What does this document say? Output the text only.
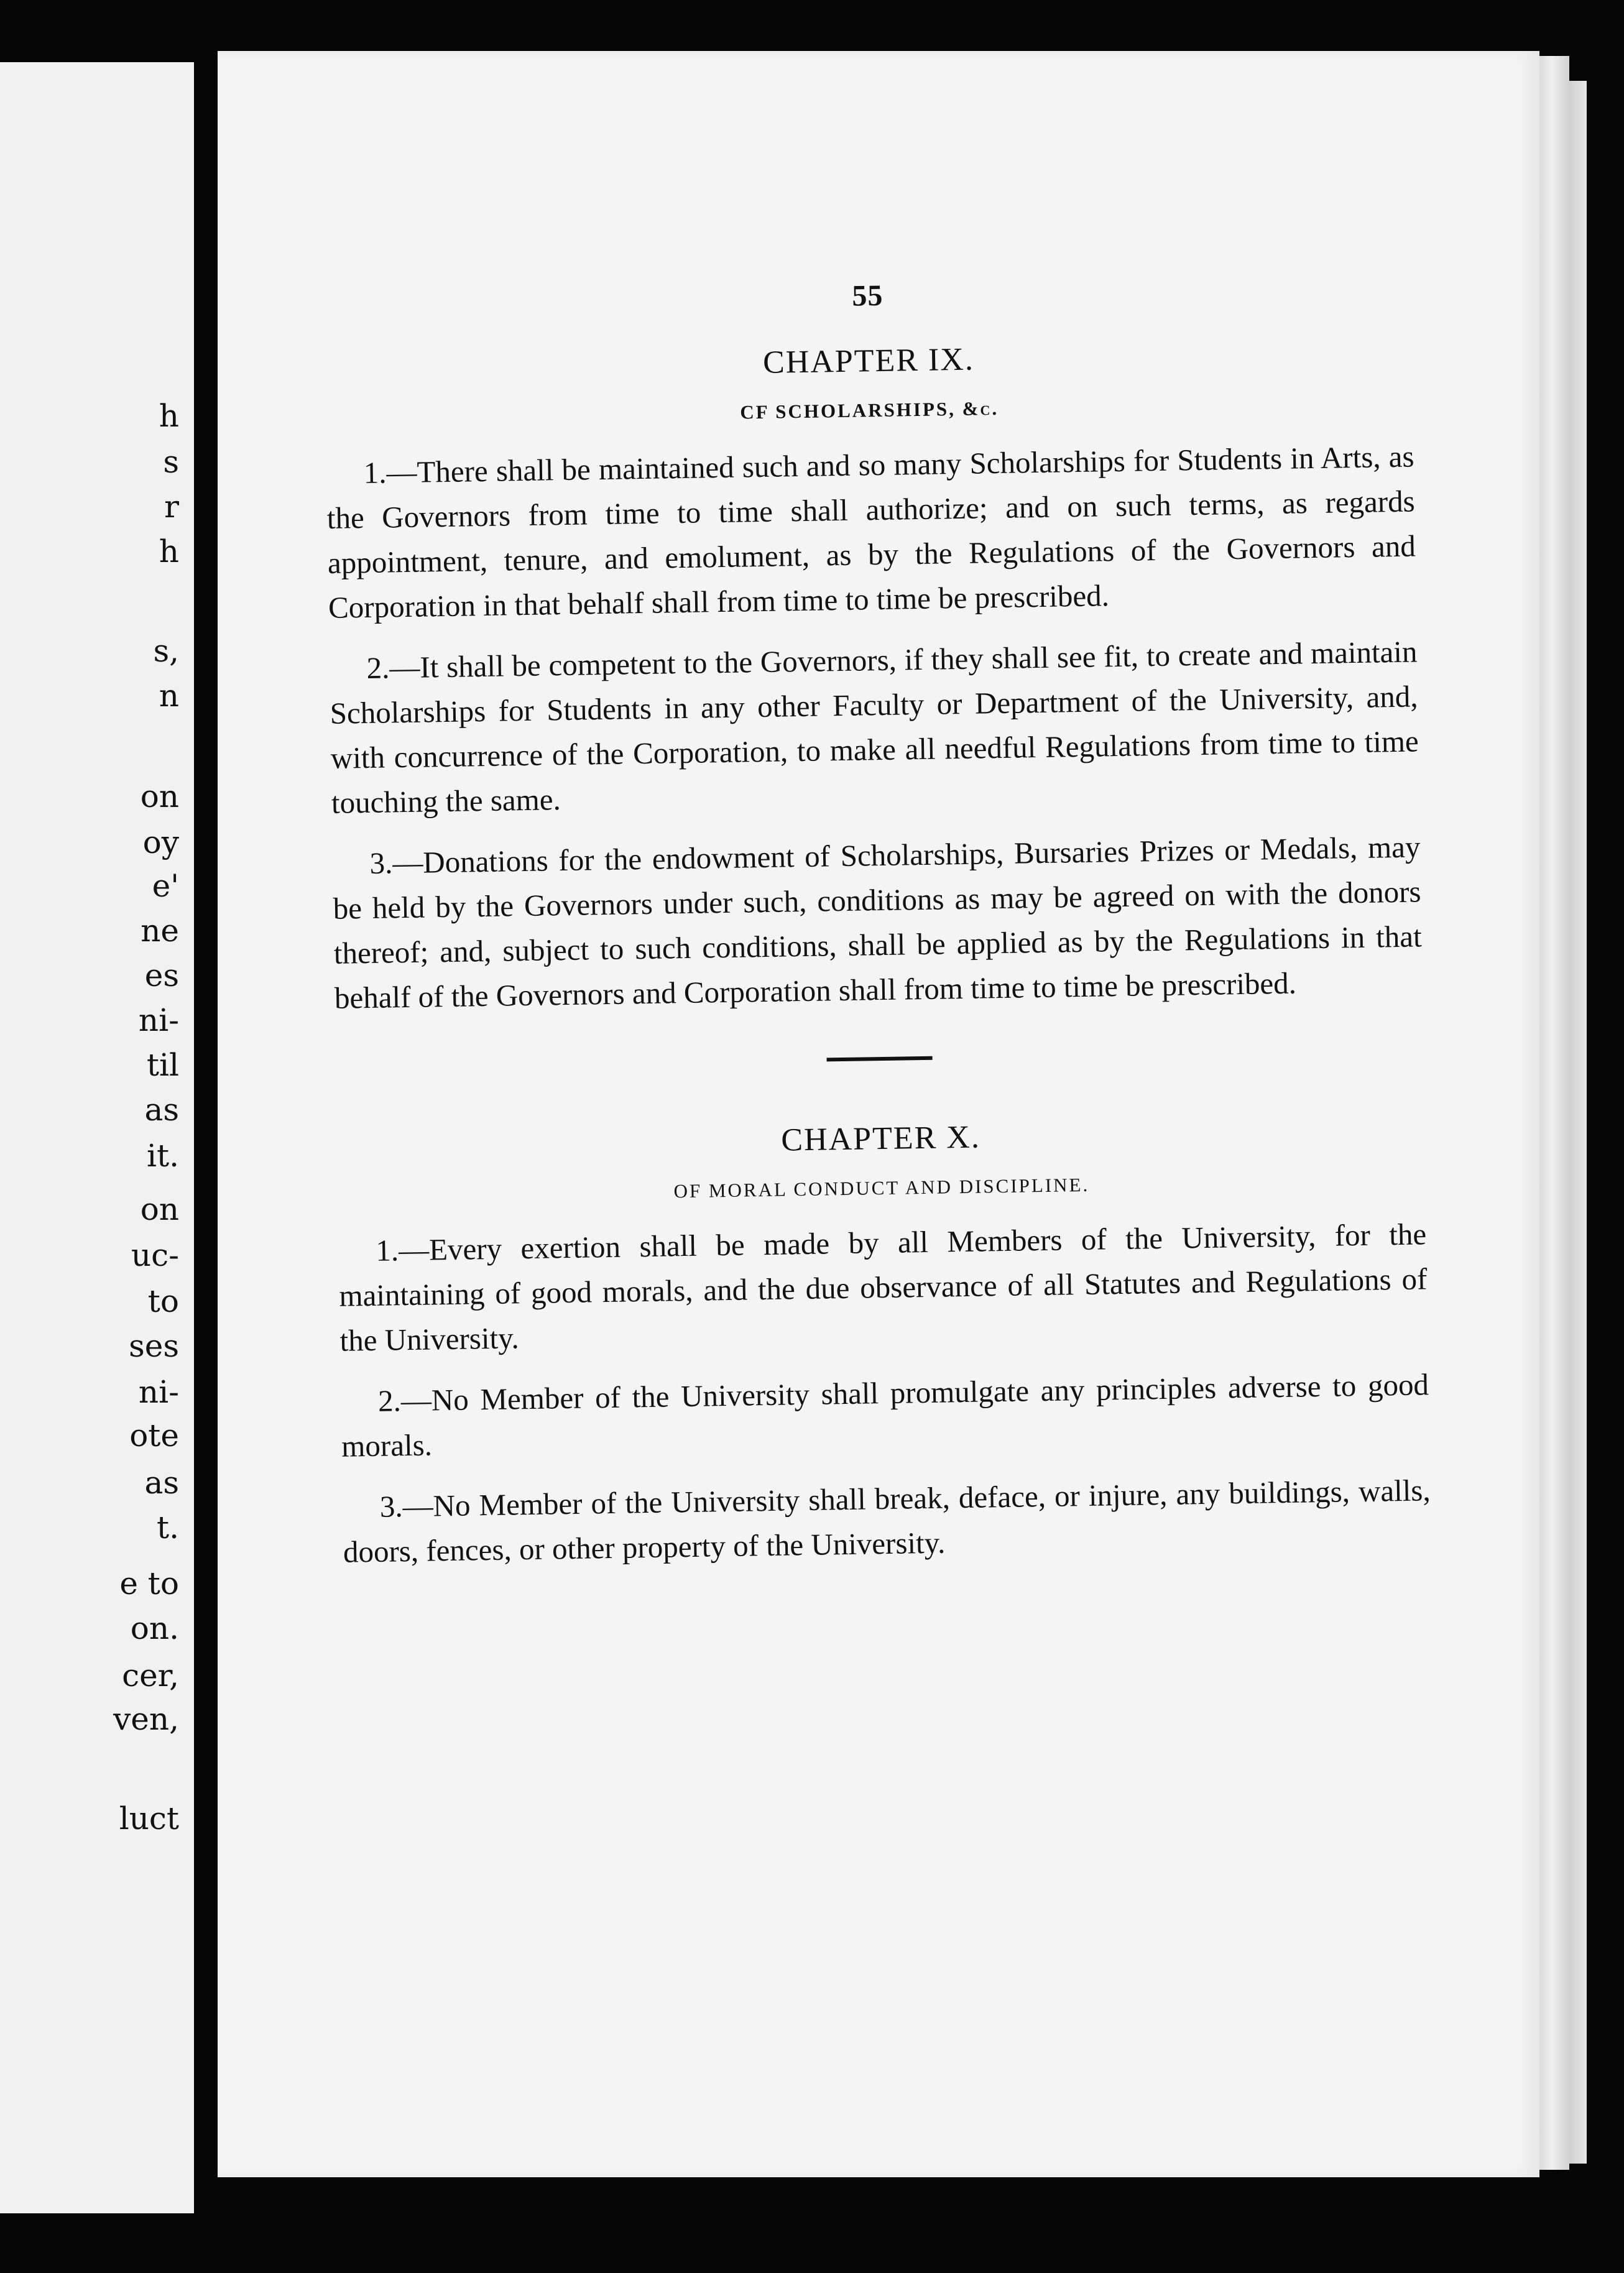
h
s
r
h
s,
n
on
oy
e'
ne
es
ni-
til
as
it.
on
uc-
to
ses
ni-
ote
as
t.
e to
on.
cer,
ven,
luct
55
CHAPTER IX.
CF SCHOLARSHIPS, &c.

1.—There shall be maintained such and so many Scholarships for Students in Arts, as the Governors from time to time shall authorize; and on such terms, as regards appointment, tenure, and emolument, as by the Regulations of the Governors and Corporation in that behalf shall from time to time be prescribed.

2.—It shall be competent to the Governors, if they shall see fit, to create and maintain Scholarships for Students in any other Faculty or Department of the University, and, with concurrence of the Corporation, to make all needful Regulations from time to time touching the same.

3.—Donations for the endowment of Scholarships, Bursaries Prizes or Medals, may be held by the Governors under such, conditions as may be agreed on with the donors thereof; and, subject to such conditions, shall be applied as by the Regulations in that behalf of the Governors and Corporation shall from time to time be prescribed.

CHAPTER X.
OF MORAL CONDUCT AND DISCIPLINE.

1.—Every exertion shall be made by all Members of the University, for the maintaining of good morals, and the due observance of all Statutes and Regulations of the University.

2.—No Member of the University shall promulgate any principles adverse to good morals.

3.—No Member of the University shall break, deface, or injure, any buildings, walls, doors, fences, or other property of the University.
